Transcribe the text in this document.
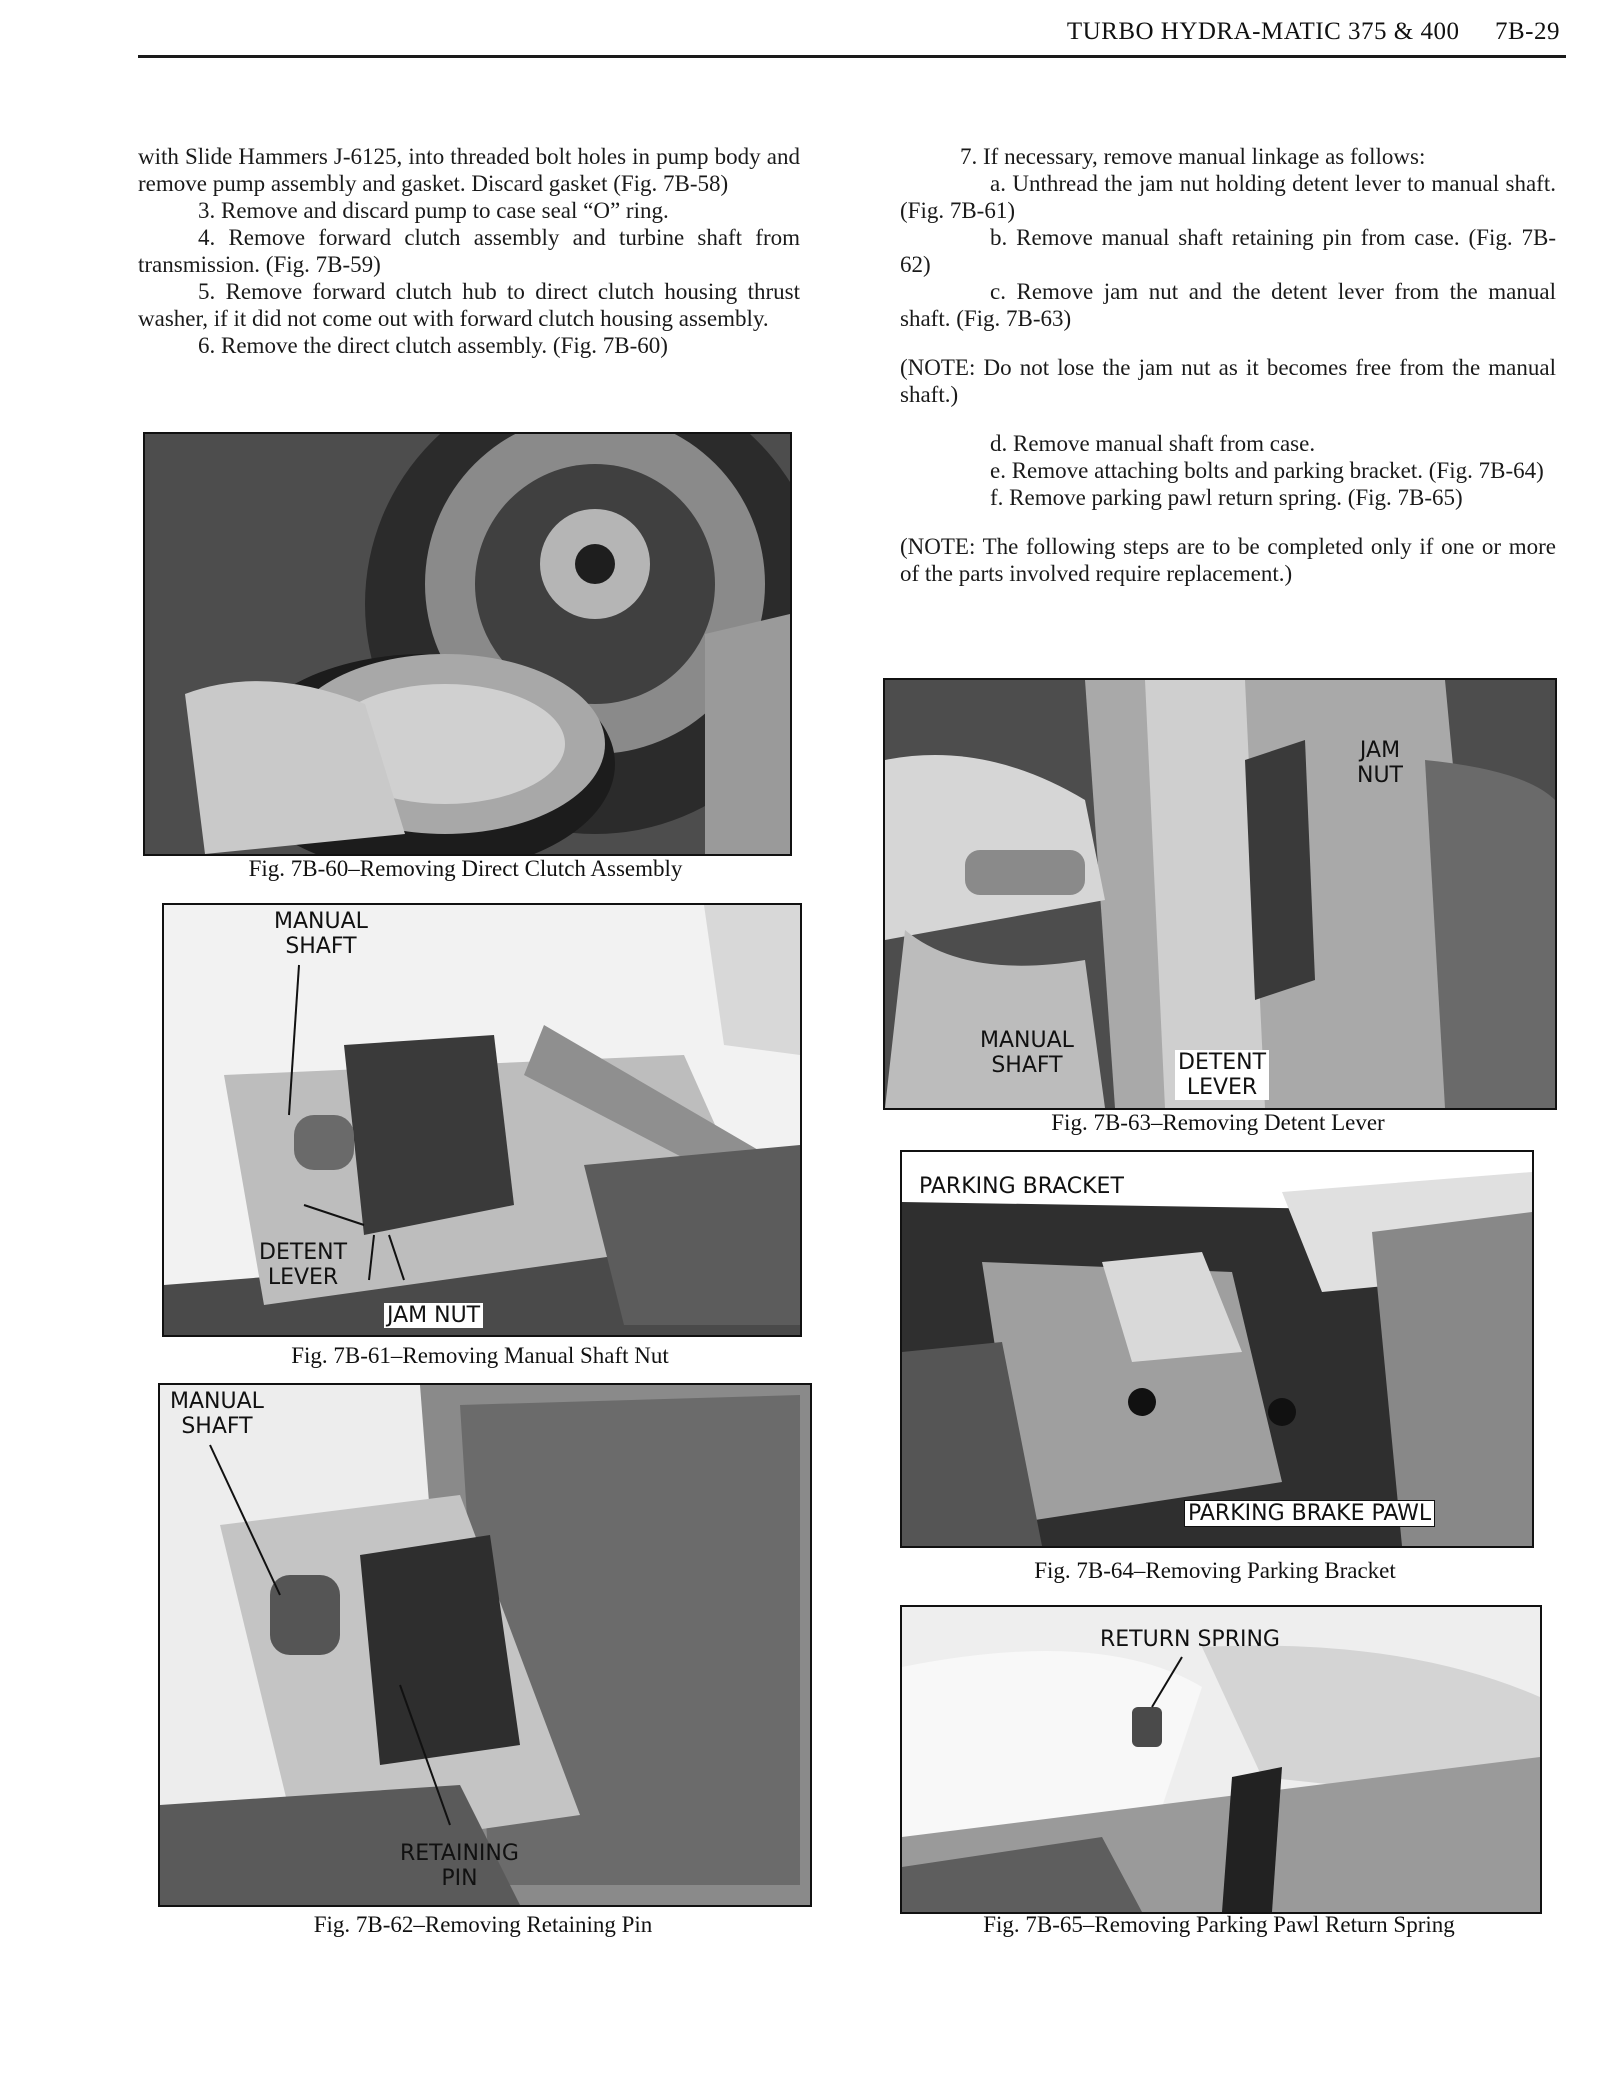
TURBO HYDRA-MATIC 375 & 400 7B-29

with Slide Hammers J-6125, into threaded bolt holes in pump body and remove pump assembly and gasket. Discard gasket (Fig. 7B-58)

3. Remove and discard pump to case seal “O” ring.

4. Remove forward clutch assembly and turbine shaft from transmission. (Fig. 7B-59)

5. Remove forward clutch hub to direct clutch housing thrust washer, if it did not come out with forward clutch housing assembly.

6. Remove the direct clutch assembly. (Fig. 7B-60)

7. If necessary, remove manual linkage as follows:

a. Unthread the jam nut holding detent lever to manual shaft. (Fig. 7B-61)

b. Remove manual shaft retaining pin from case. (Fig. 7B-62)

c. Remove jam nut and the detent lever from the manual shaft. (Fig. 7B-63)

(NOTE: Do not lose the jam nut as it becomes free from the manual shaft.)

d. Remove manual shaft from case.

e. Remove attaching bolts and parking bracket. (Fig. 7B-64)

f. Remove parking pawl return spring. (Fig. 7B-65)

(NOTE: The following steps are to be completed only if one or more of the parts involved require replacement.)

Fig. 7B-60–Removing Direct Clutch Assembly
MANUAL
SHAFT
DETENT
LEVER
JAM NUT
Fig. 7B-61–Removing Manual Shaft Nut
MANUAL
SHAFT
RETAINING
PIN
Fig. 7B-62–Removing Retaining Pin
JAM
NUT
MANUAL
SHAFT	DETENT
LEVER
Fig. 7B-63–Removing Detent Lever
PARKING BRACKET
PARKING BRAKE PAWL
Fig. 7B-64–Removing Parking Bracket
RETURN SPRING
Fig. 7B-65–Removing Parking Pawl Return Spring
